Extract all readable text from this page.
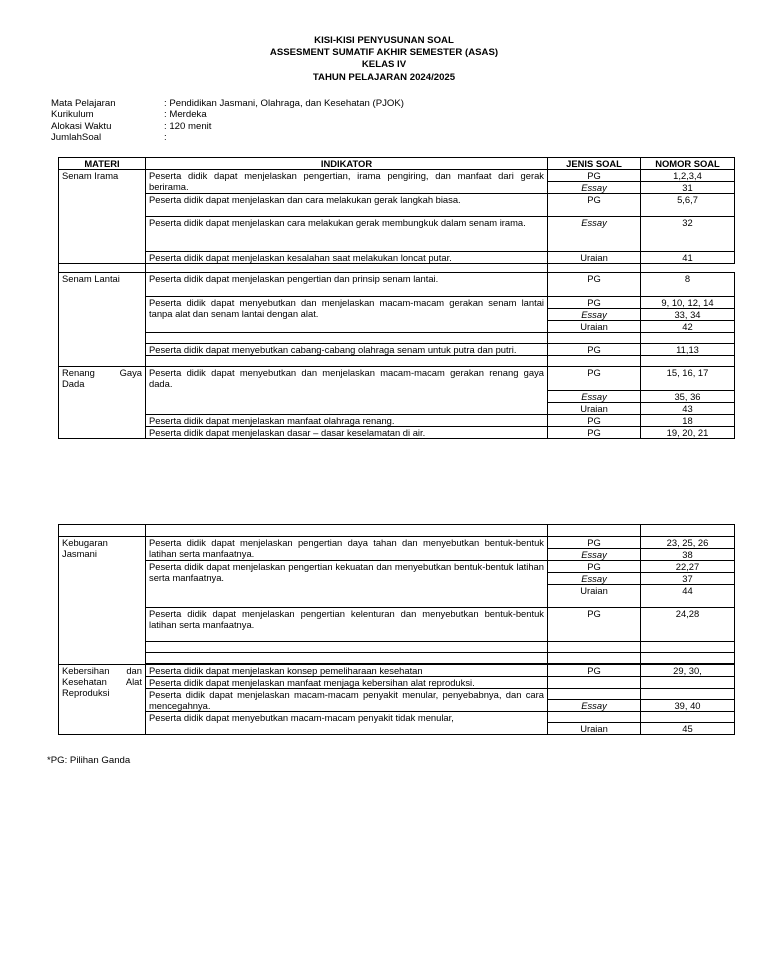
KISI-KISI PENYUSUNAN SOAL
ASSESMENT SUMATIF AKHIR SEMESTER (ASAS)
KELAS IV
TAHUN PELAJARAN 2024/2025
Mata Pelajaran	: Pendidikan Jasmani, Olahraga, dan Kesehatan (PJOK)
Kurikulum	: Merdeka
Alokasi Waktu	: 120 menit
JumlahSoal	:
MATERI	INDIKATOR	JENIS SOAL	NOMOR SOAL
Senam Irama	Peserta didik dapat menjelaskan pengertian, irama pengiring, dan manfaat dari gerak berirama.	PG	1,2,3,4
		Essay	31
	Peserta didik dapat menjelaskan dan cara melakukan gerak langkah biasa.	PG	5,6,7
	Peserta didik dapat menjelaskan cara melakukan gerak membungkuk dalam senam irama.	Essay	32
	Peserta didik dapat menjelaskan kesalahan saat melakukan loncat putar.	Uraian	41

Senam Lantai	Peserta didik dapat menjelaskan pengertian dan prinsip senam lantai.	PG	8
	Peserta didik dapat menyebutkan dan menjelaskan macam-macam gerakan senam lantai tanpa alat dan senam lantai dengan alat.	PG	9, 10, 12, 14
		Essay	33, 34
		Uraian	42

	Peserta didik dapat menyebutkan cabang-cabang olahraga senam untuk putra dan putri.	PG	11,13

Renang Gaya Dada	Peserta didik dapat menyebutkan dan menjelaskan macam-macam gerakan renang gaya dada.	PG	15, 16, 17
		Essay	35, 36
		Uraian	43
	Peserta didik dapat menjelaskan manfaat olahraga renang.	PG	18
	Peserta didik dapat menjelaskan dasar – dasar keselamatan di air.	PG	19, 20, 21

Kebugaran Jasmani	Peserta didik dapat menjelaskan pengertian daya tahan dan menyebutkan bentuk-bentuk latihan serta manfaatnya.	PG	23, 25, 26
		Essay	38
	Peserta didik dapat menjelaskan pengertian kekuatan dan menyebutkan bentuk-bentuk latihan serta manfaatnya.	PG	22,27
		Essay	37
		Uraian	44
	Peserta didik dapat menjelaskan pengertian kelenturan dan menyebutkan bentuk-bentuk latihan serta manfaatnya.	PG	24,28

Kebersihan dan Kesehatan Alat Reproduksi	Peserta didik dapat menjelaskan konsep pemeliharaan kesehatan	PG	29, 30,
	Peserta didik dapat menjelaskan manfaat menjaga kebersihan alat reproduksi.		
	Peserta didik dapat menjelaskan macam-macam penyakit menular, penyebabnya, dan cara mencegahnya.		
		Essay	39, 40
	Peserta didik dapat menyebutkan macam-macam penyakit tidak menular,		
		Uraian	45
*PG: Pilihan Ganda
